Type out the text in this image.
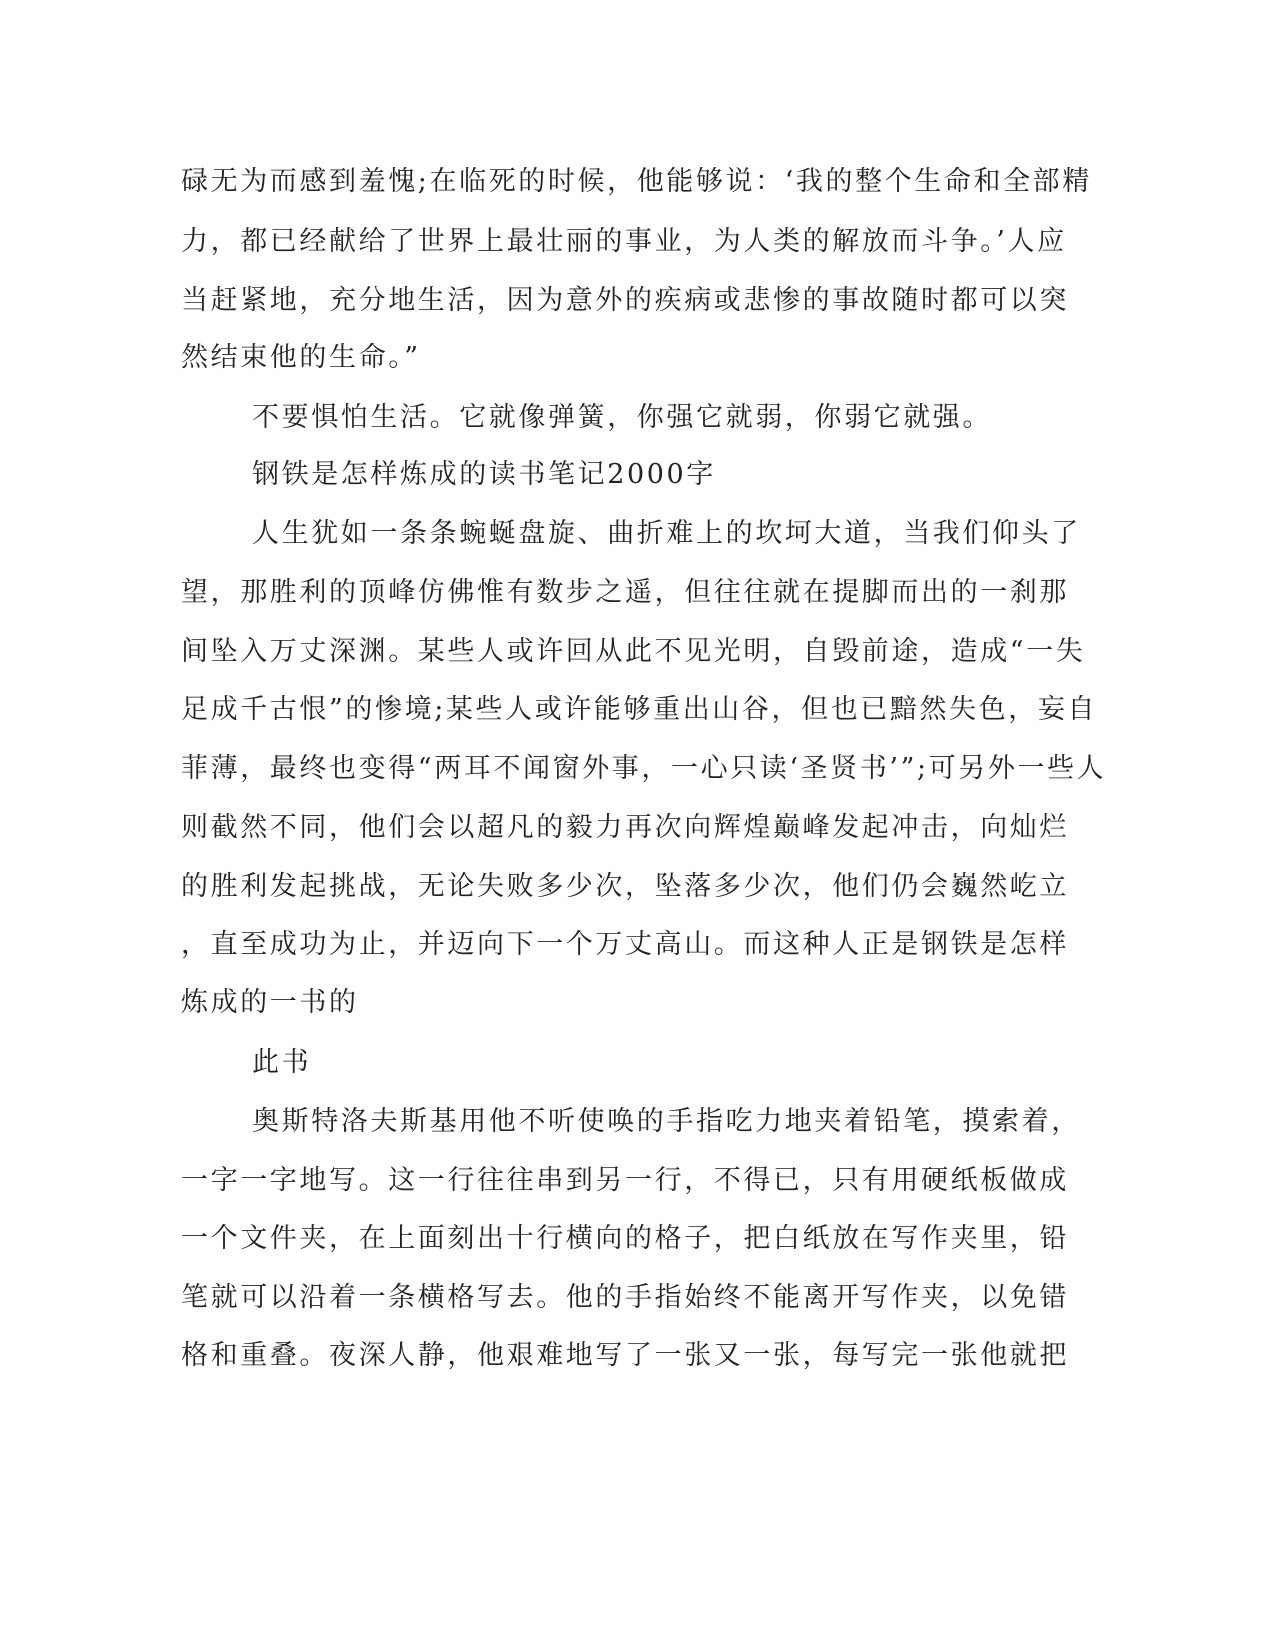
碌无为而感到羞愧;在临死的时候，他能够说：‘我的整个生命和全部精

力，都已经献给了世界上最壮丽的事业，为人类的解放而斗争。’人应

当赶紧地，充分地生活，因为意外的疾病或悲惨的事故随时都可以突

然结束他的生命。”

不要惧怕生活。它就像弹簧，你强它就弱，你弱它就强。

钢铁是怎样炼成的读书笔记2000字

人生犹如一条条蜿蜒盘旋、曲折难上的坎坷大道，当我们仰头了

望，那胜利的顶峰仿佛惟有数步之遥，但往往就在提脚而出的一刹那

间坠入万丈深渊。某些人或许回从此不见光明，自毁前途，造成“一失

足成千古恨”的惨境;某些人或许能够重出山谷，但也已黯然失色，妄自

菲薄，最终也变得“两耳不闻窗外事，一心只读‘圣贤书’”;可另外一些人

则截然不同，他们会以超凡的毅力再次向辉煌巅峰发起冲击，向灿烂

的胜利发起挑战，无论失败多少次，坠落多少次，他们仍会巍然屹立

，直至成功为止，并迈向下一个万丈高山。而这种人正是钢铁是怎样

炼成的一书的

此书

奥斯特洛夫斯基用他不听使唤的手指吃力地夹着铅笔，摸索着，

一字一字地写。这一行往往串到另一行，不得已，只有用硬纸板做成

一个文件夹，在上面刻出十行横向的格子，把白纸放在写作夹里，铅

笔就可以沿着一条横格写去。他的手指始终不能离开写作夹，以免错

格和重叠。夜深人静，他艰难地写了一张又一张，每写完一张他就把
